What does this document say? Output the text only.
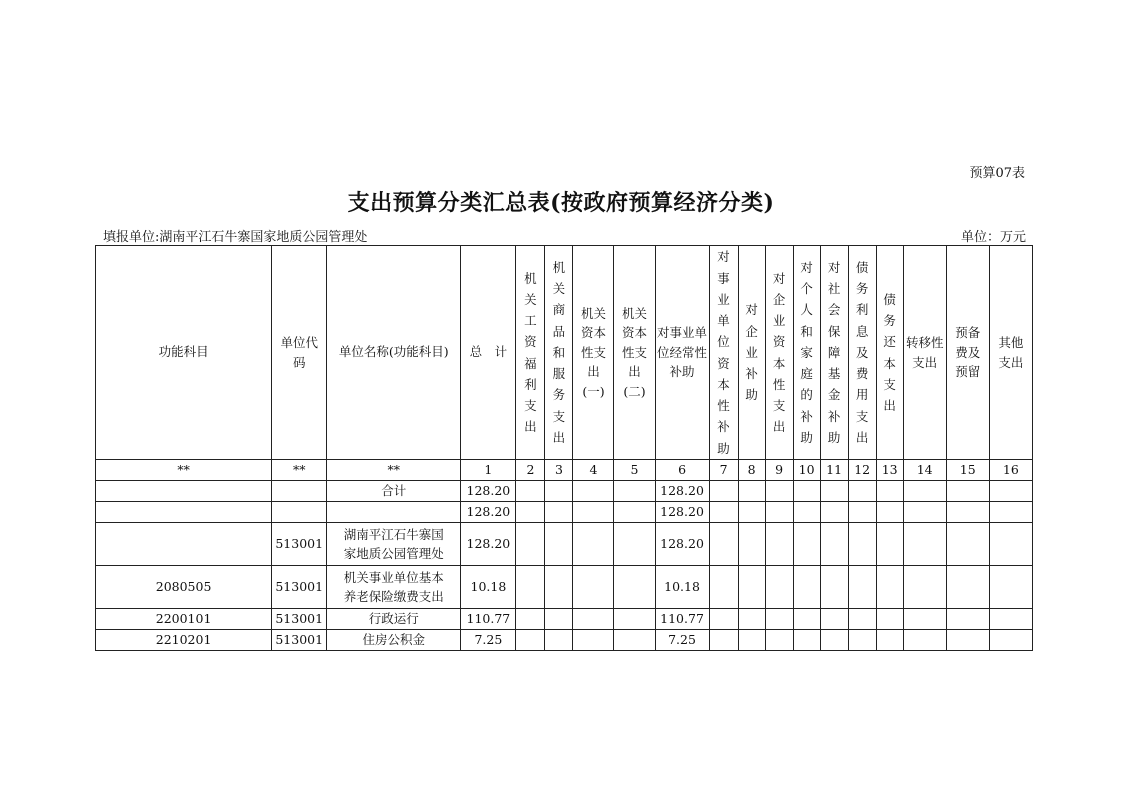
预算07表
支出预算分类汇总表(按政府预算经济分类)
填报单位:湖南平江石牛寨国家地质公园管理处	单位：万元
功能科目	单位代码	单位名称(功能科目)	总　计	机关工资福利支出	机关商品和服务支出	机关资本性支出(一)	机关资本性支出(二)	对事业单位经常性补助	对事业单位资本性补助	对企业补助	对企业资本性支出	对个人和家庭的补助	对社会保障基金补助	债务利息及费用支出	债务还本支出	转移性支出	预备费及预留	其他支出
**	**	**	1	2	3	4	5	6	7	8	9	10	11	12	13	14	15	16
		合计	128.20					128.20										
			128.20					128.20										
	513001	湖南平江石牛寨国家地质公园管理处	128.20					128.20										
2080505	513001	机关事业单位基本养老保险缴费支出	10.18					10.18										
2200101	513001	行政运行	110.77					110.77										
2210201	513001	住房公积金	7.25					7.25										
